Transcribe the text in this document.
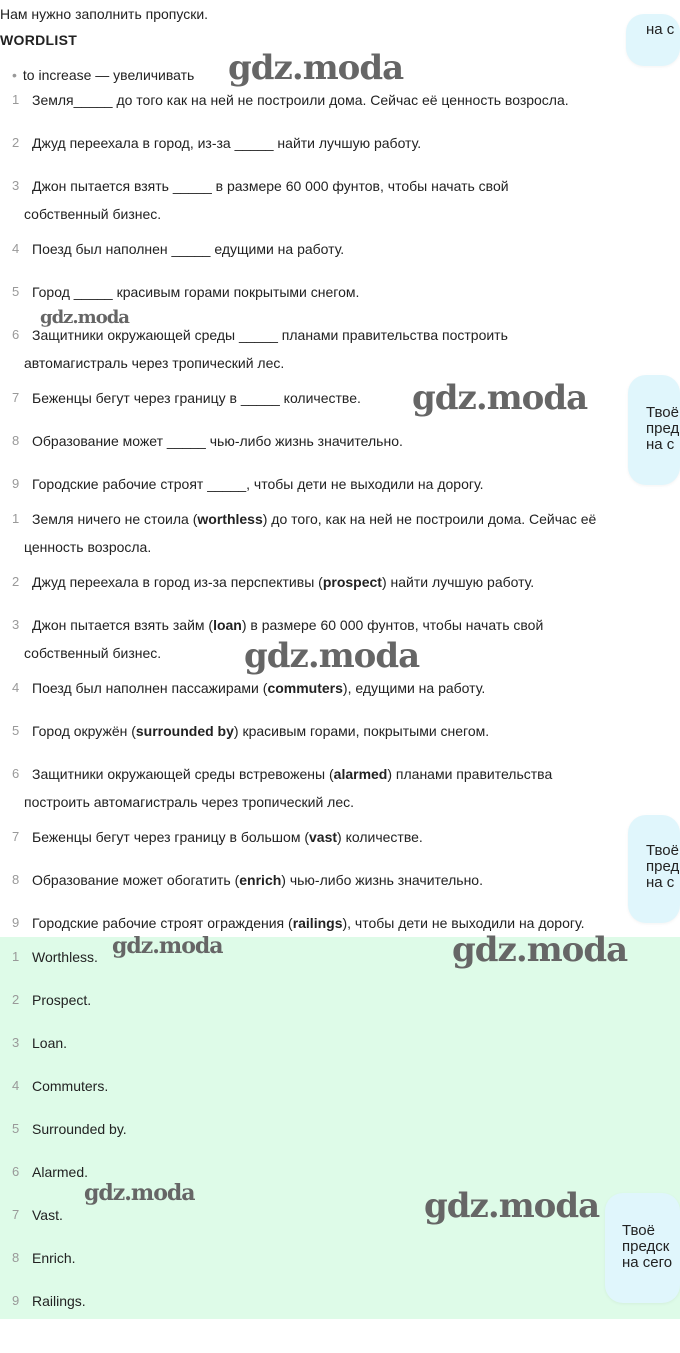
Нам нужно заполнить пропуски.
WORDLIST
• to increase — увеличивать
1 Земля_____ до того как на ней не построили дома. Сейчас её ценность возросла.
2 Джуд переехала в город, из-за _____ найти лучшую работу.
3 Джон пытается взять _____ в размере 60 000 фунтов, чтобы начать свой
собственный бизнес.
4 Поезд был наполнен _____ едущими на работу.
5 Город _____ красивым горами покрытыми снегом.
6 Защитники окружающей среды _____ планами правительства построить
автомагистраль через тропический лес.
7 Беженцы бегут через границу в _____ количестве.
8 Образование может _____ чью-либо жизнь значительно.
9 Городские рабочие строят _____, чтобы дети не выходили на дорогу.
1 Земля ничего не стоила (worthless) до того, как на ней не построили дома. Сейчас её
ценность возросла.
2 Джуд переехала в город из-за перспективы (prospect) найти лучшую работу.
3 Джон пытается взять займ (loan) в размере 60 000 фунтов, чтобы начать свой
собственный бизнес.
4 Поезд был наполнен пассажирами (commuters), едущими на работу.
5 Город окружён (surrounded by) красивым горами, покрытыми снегом.
6 Защитники окружающей среды встревожены (alarmed) планами правительства
построить автомагистраль через тропический лес.
7 Беженцы бегут через границу в большом (vast) количестве.
8 Образование может обогатить (enrich) чью-либо жизнь значительно.
9 Городские рабочие строят ограждения (railings), чтобы дети не выходили на дорогу.
1 Worthless.
2 Prospect.
3 Loan.
4 Commuters.
5 Surrounded by.
6 Alarmed.
7 Vast.
8 Enrich.
9 Railings.
gdz.moda
gdz.moda
gdz.moda
gdz.moda
gdz.moda	gdz.moda
gdz.moda	gdz.moda
на с
Твоё
пред
на с
Твоё
пред
на с
Твоё
предск
на сего
